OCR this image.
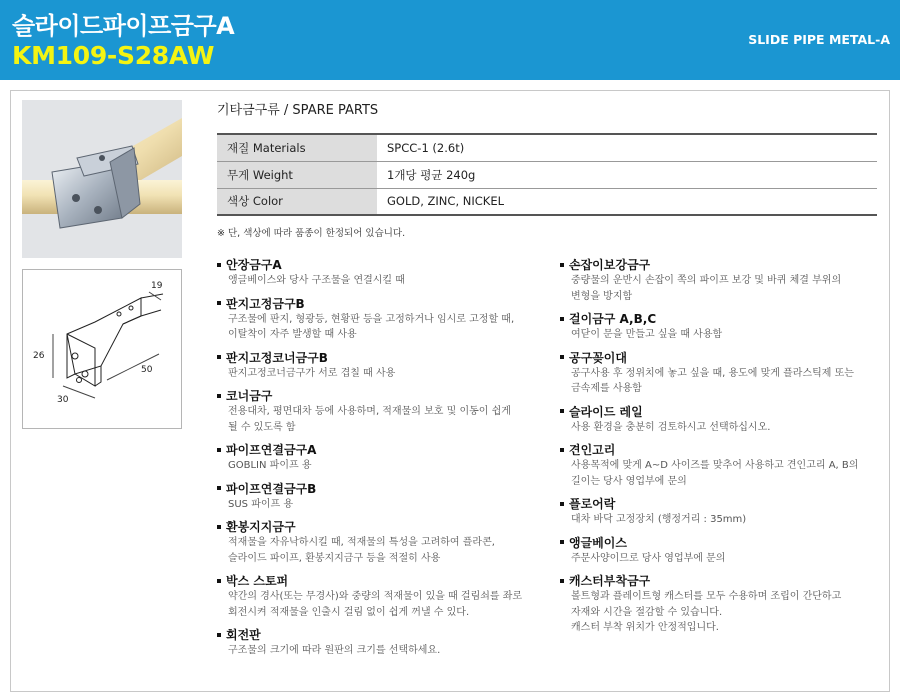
슬라이드파이프금구A
KM109-S28AW
SLIDE PIPE METAL-A
19
26
50
30
기타금구류 / SPARE PARTS
재질 Materials	SPCC-1 (2.6t)
무게 Weight	1개당 평균 240g
색상 Color	GOLD, ZINC, NICKEL
※ 단, 색상에 따라 품종이 한정되어 있습니다.
안장금구A
앵글베이스와 당사 구조물을 연결시킬 때
판지고정금구B
구조물에 판지, 형광등, 현황판 등을 고정하거나 임시로 고정할 때,
이탈착이 자주 발생할 때 사용
판지고정코너금구B
판지고정코너금구가 서로 겹칠 때 사용
코너금구
전용대차, 평면대차 등에 사용하며, 적재물의 보호 및 이동이 쉽게
될 수 있도록 함
파이프연결금구A
GOBLIN 파이프 용
파이프연결금구B
SUS 파이프 용
환봉지지금구
적재물을 자유낙하시킬 때, 적재물의 특성을 고려하여 플라콘,
슬라이드 파이프, 환봉지지금구 등을 적절히 사용
박스 스토퍼
약간의 경사(또는 무경사)와 중량의 적재물이 있을 때 걸림쇠를 좌로
회전시켜 적재물을 인출시 걸림 없이 쉽게 꺼낼 수 있다.
회전판
구조물의 크기에 따라 원판의 크기를 선택하세요.
손잡이보강금구
중량물의 운반시 손잡이 쪽의 파이프 보강 및 바퀴 체결 부위의
변형을 방지함
걸이금구 A,B,C
여닫이 문을 만들고 싶을 때 사용함
공구꽂이대
공구사용 후 정위치에 놓고 싶을 때, 용도에 맞게 플라스틱제 또는
금속제를 사용함
슬라이드 레일
사용 환경을 충분히 검토하시고 선택하십시오.
견인고리
사용목적에 맞게 A~D 사이즈를 맞추어 사용하고 견인고리 A, B의
길이는 당사 영업부에 문의
플로어락
대차 바닥 고정장치 (행정거리 : 35mm)
앵글베이스
주문사양이므로 당사 영업부에 문의
캐스터부착금구
볼트형과 플레이트형 캐스터를 모두 수용하며 조립이 간단하고
자재와 시간을 절감할 수 있습니다.
캐스터 부착 위치가 안정적입니다.
